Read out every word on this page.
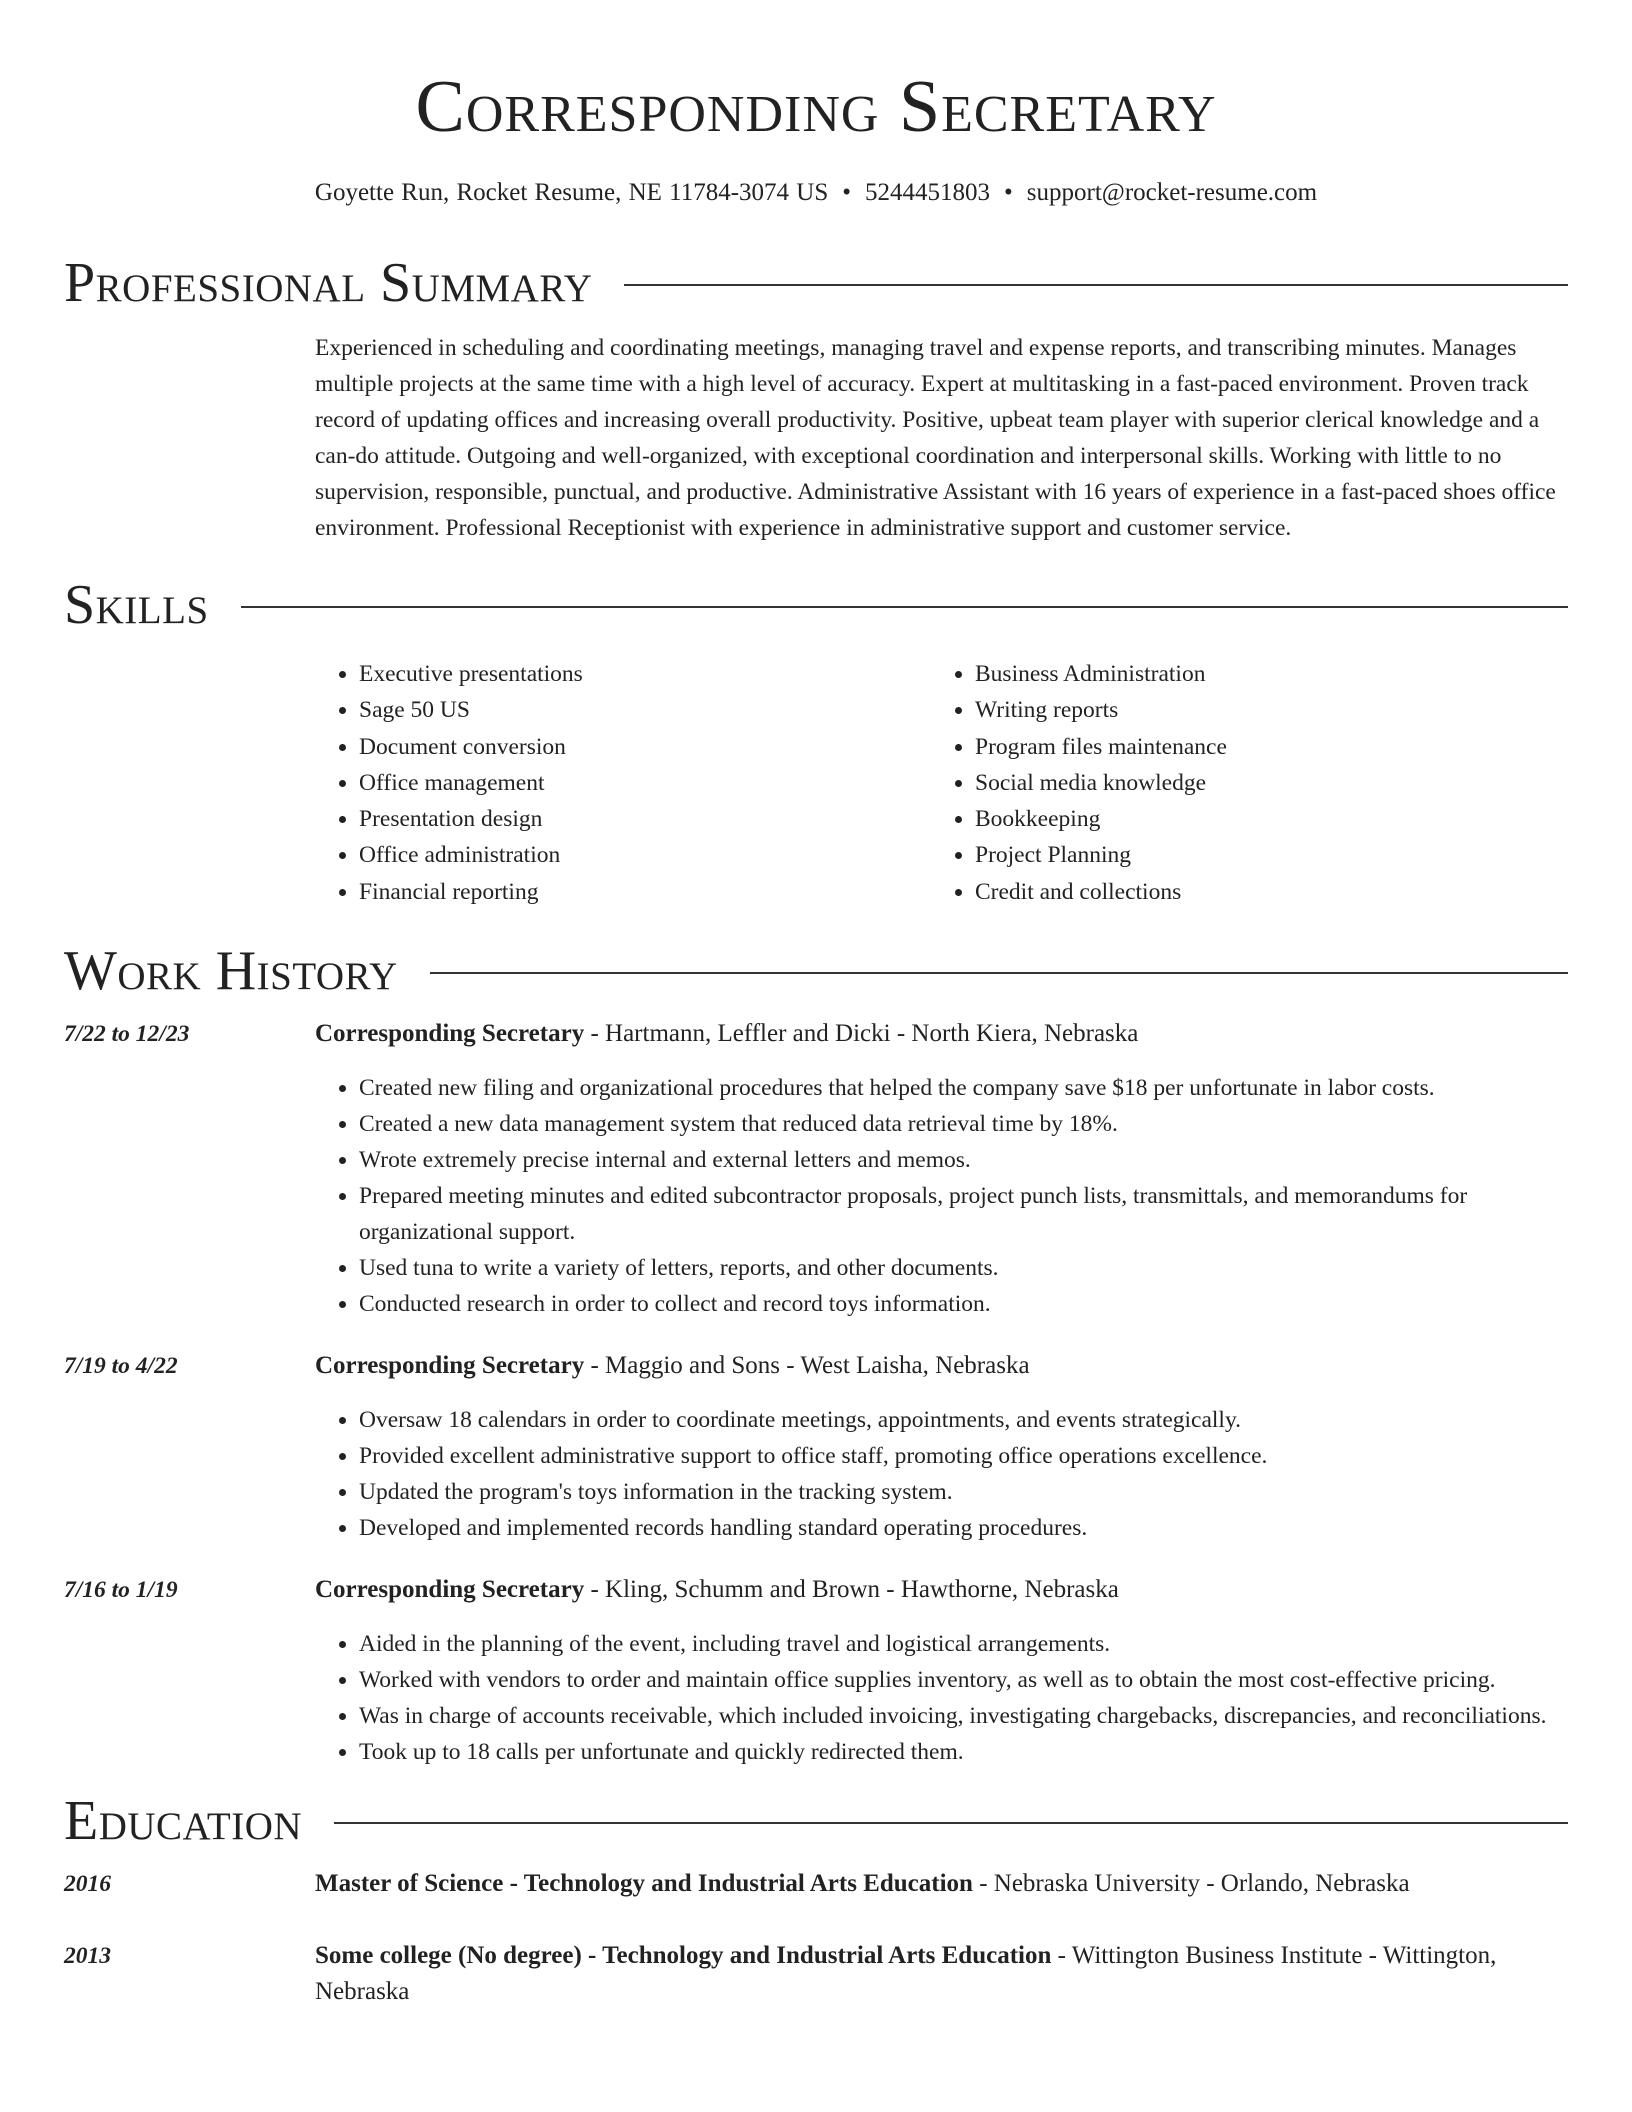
Corresponding Secretary
Goyette Run, Rocket Resume, NE 11784-3074 US • 5244451803 • support@rocket-resume.com
Professional Summary
Experienced in scheduling and coordinating meetings, managing travel and expense reports, and transcribing minutes. Manages multiple projects at the same time with a high level of accuracy. Expert at multitasking in a fast-paced environment. Proven track record of updating offices and increasing overall productivity. Positive, upbeat team player with superior clerical knowledge and a can-do attitude. Outgoing and well-organized, with exceptional coordination and interpersonal skills. Working with little to no supervision, responsible, punctual, and productive. Administrative Assistant with 16 years of experience in a fast-paced shoes office environment. Professional Receptionist with experience in administrative support and customer service.
Skills
• Executive presentations
• Sage 50 US
• Document conversion
• Office management
• Presentation design
• Office administration
• Financial reporting
• Business Administration
• Writing reports
• Program files maintenance
• Social media knowledge
• Bookkeeping
• Project Planning
• Credit and collections
Work History
7/22 to 12/23	Corresponding Secretary - Hartmann, Leffler and Dicki - North Kiera, Nebraska
• Created new filing and organizational procedures that helped the company save $18 per unfortunate in labor costs.
• Created a new data management system that reduced data retrieval time by 18%.
• Wrote extremely precise internal and external letters and memos.
• Prepared meeting minutes and edited subcontractor proposals, project punch lists, transmittals, and memorandums for organizational support.
• Used tuna to write a variety of letters, reports, and other documents.
• Conducted research in order to collect and record toys information.
7/19 to 4/22	Corresponding Secretary - Maggio and Sons - West Laisha, Nebraska
• Oversaw 18 calendars in order to coordinate meetings, appointments, and events strategically.
• Provided excellent administrative support to office staff, promoting office operations excellence.
• Updated the program's toys information in the tracking system.
• Developed and implemented records handling standard operating procedures.
7/16 to 1/19	Corresponding Secretary - Kling, Schumm and Brown - Hawthorne, Nebraska
• Aided in the planning of the event, including travel and logistical arrangements.
• Worked with vendors to order and maintain office supplies inventory, as well as to obtain the most cost-effective pricing.
• Was in charge of accounts receivable, which included invoicing, investigating chargebacks, discrepancies, and reconciliations.
• Took up to 18 calls per unfortunate and quickly redirected them.
Education
2016	Master of Science - Technology and Industrial Arts Education - Nebraska University - Orlando, Nebraska
2013	Some college (No degree) - Technology and Industrial Arts Education - Wittington Business Institute - Wittington, Nebraska
